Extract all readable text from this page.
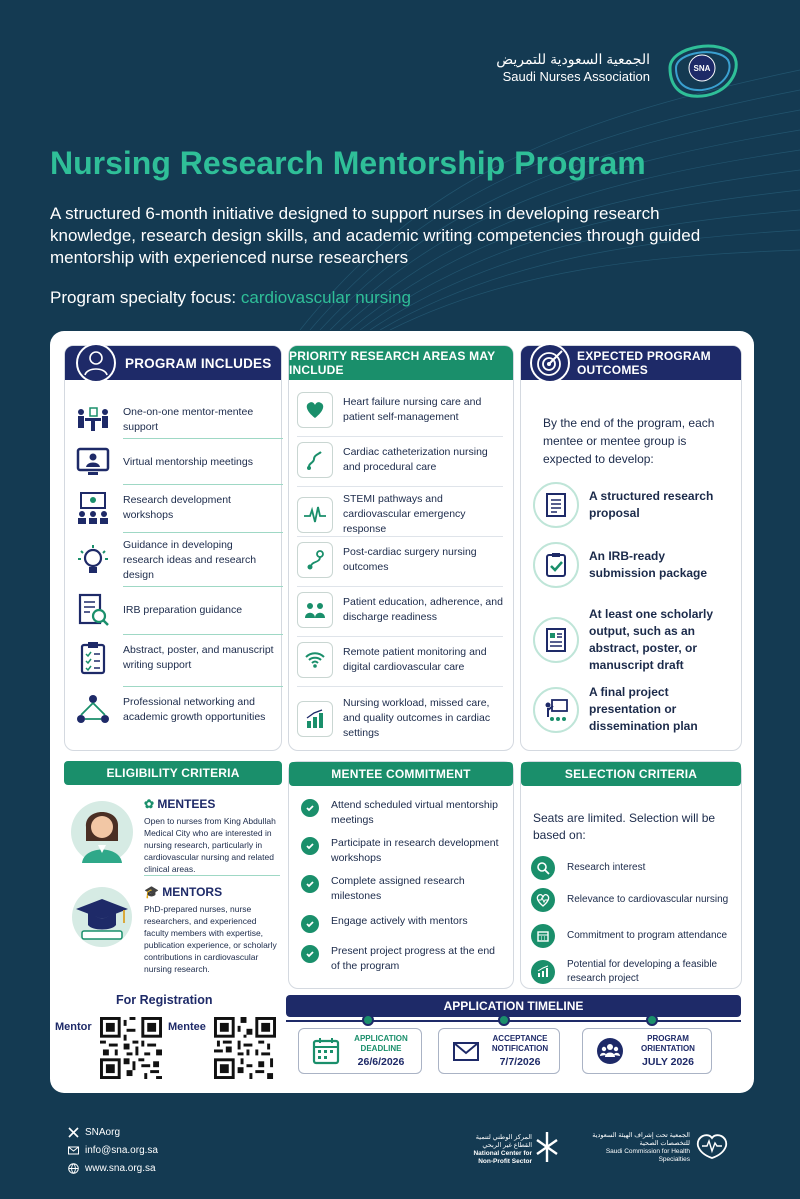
الجمعية السعودية للتمريض
Saudi Nurses Association
SNA
Nursing Research Mentorship Program

A structured 6-month initiative designed to support nurses in developing research knowledge, research design skills, and academic writing competencies through guided mentorship with experienced nurse researchers

Program specialty focus: cardiovascular nursing

PROGRAM INCLUDES
One-on-one mentor-mentee support
Virtual mentorship meetings
Research development workshops
Guidance in developing research ideas and research design
IRB preparation guidance
Abstract, poster, and manuscript writing support
Professional networking and academic growth opportunities
PRIORITY RESEARCH AREAS MAY INCLUDE
Heart failure nursing care and patient self-management
Cardiac catheterization nursing and procedural care
STEMI pathways and cardiovascular emergency response
Post-cardiac surgery nursing outcomes
Patient education, adherence, and discharge readiness
Remote patient monitoring and digital cardiovascular care
Nursing workload, missed care, and quality outcomes in cardiac settings
EXPECTED PROGRAM OUTCOMES

By the end of the program, each mentee or mentee group is expected to develop:

A structured research proposal
An IRB-ready submission package
At least one scholarly output, such as an abstract, poster, or manuscript draft
A final project presentation or dissemination plan
ELIGIBILITY CRITERIA
✿ MENTEES

Open to nurses from King Abdullah Medical City who are interested in nursing research, particularly in cardiovascular nursing and related clinical areas.

🎓 MENTORS

PhD-prepared nurses, nurse researchers, and experienced faculty members with expertise, publication experience, or scholarly contributions in cardiovascular nursing research.

MENTEE COMMITMENT
Attend scheduled virtual mentorship meetings
Participate in research development workshops
Complete assigned research milestones
Engage actively with mentors
Present project progress at the end of the program
SELECTION CRITERIA

Seats are limited. Selection will be based on:

Research interest
Relevance to cardiovascular nursing
Commitment to program attendance
Potential for developing a feasible research project
For Registration
Mentor	Mentee
APPLICATION TIMELINE
APPLICATION DEADLINE
26/6/2026
ACCEPTANCE NOTIFICATION
7/7/2026
PROGRAM ORIENTATION
JULY 2026
SNAorg
info@sna.org.sa
www.sna.org.sa
المركز الوطني لتنمية القطاع غير الربحي
National Center for Non-Profit Sector
الجمعية تحت إشراف الهيئة السعودية للتخصصات الصحية
Saudi Commission for Health Specialties
